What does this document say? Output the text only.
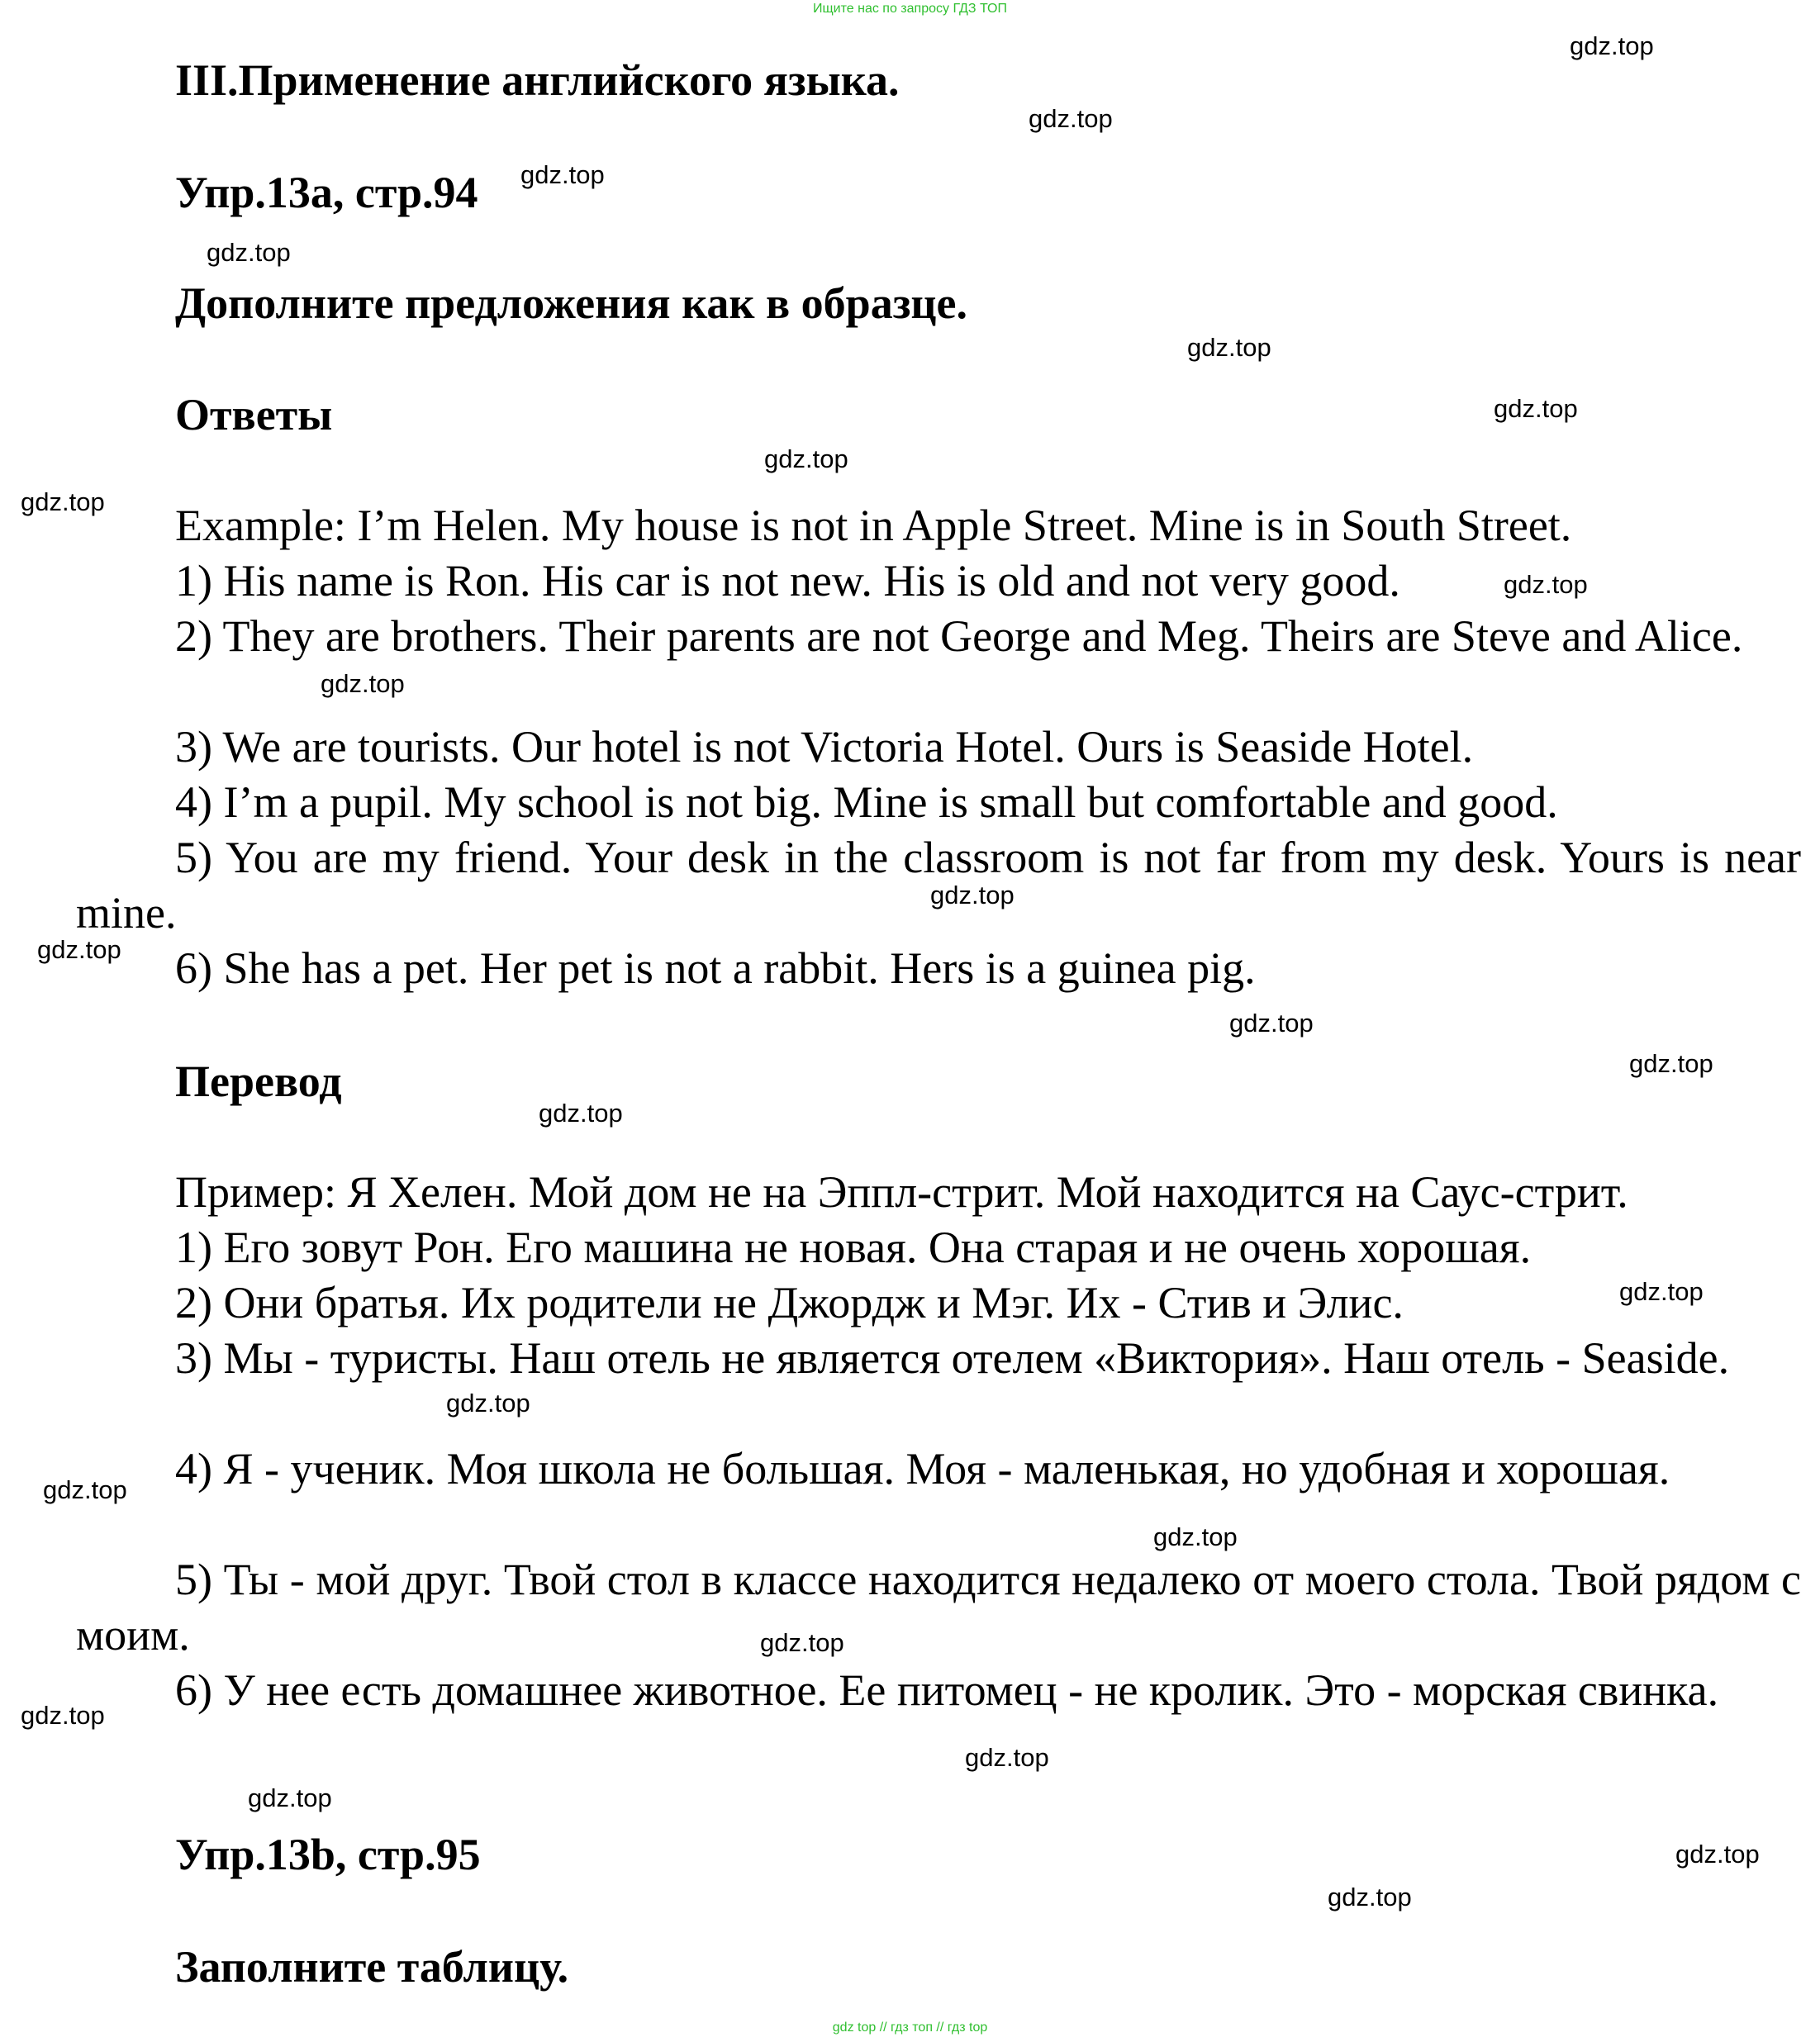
Ищите нас по запросу ГДЗ ТОП
III.Применение английского языка.
Упр.13а, стр.94
Дополните предложения как в образце.
Ответы
Example: I’m Helen. My house is not in Apple Street. Mine is in South Street.
1) His name is Ron. His car is not new. His is old and not very good.
2) They are brothers. Their parents are not George and Meg. Theirs are Steve and Alice.
3) We are tourists. Our hotel is not Victoria Hotel. Ours is Seaside Hotel.
4) I’m a pupil. My school is not big. Mine is small but comfortable and good.
5) You are my friend. Your desk in the classroom is not far from my desk. Yours is near mine.
6) She has a pet. Her pet is not a rabbit. Hers is a guinea pig.
Перевод
Пример: Я Хелен. Мой дом не на Эппл-стрит. Мой находится на Саус-стрит.
1) Его зовут Рон. Его машина не новая. Она старая и не очень хорошая.
2) Они братья. Их родители не Джордж и Мэг. Их - Стив и Элис.
3) Мы - туристы. Наш отель не является отелем «Виктория». Наш отель - Seaside.
4) Я - ученик. Моя школа не большая. Моя - маленькая, но удобная и хорошая.
5) Ты - мой друг. Твой стол в классе находится недалеко от моего стола. Твой рядом с моим.
6) У нее есть домашнее животное. Ее питомец - не кролик. Это - морская свинка.
Упр.13b, стр.95
Заполните таблицу.
gdz.top
gdz.top
gdz.top
gdz.top
gdz.top
gdz.top
gdz.top
gdz.top
gdz.top
gdz.top
gdz.top
gdz.top
gdz.top
gdz.top
gdz.top
gdz.top
gdz.top
gdz.top
gdz.top
gdz.top
gdz.top
gdz.top
gdz.top
gdz.top
gdz.top
gdz top // гдз топ // гдз top
